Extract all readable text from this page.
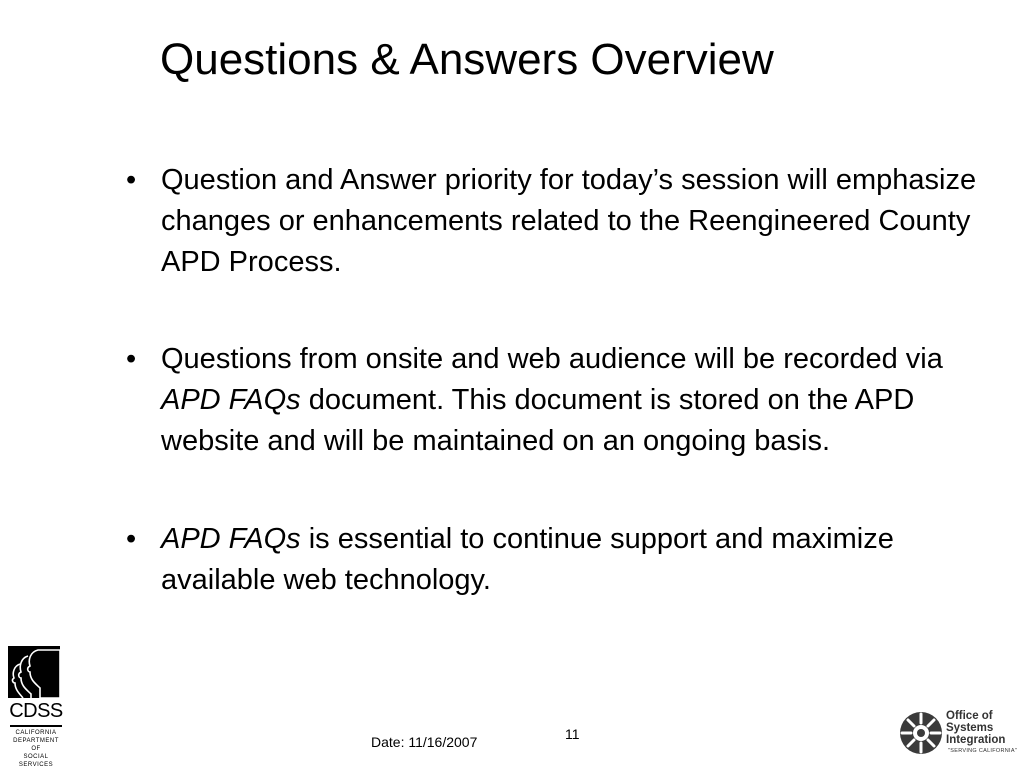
Questions & Answers Overview
•
Question and Answer priority for today’s session will emphasize changes or enhancements related to the Reengineered County APD Process.
•
Questions from onsite and web audience will be recorded via APD FAQs document. This document is stored on the APD website and will be maintained on an ongoing basis.
•
APD FAQs is essential to continue support and maximize available web technology.
CDSS
CALIFORNIA
DEPARTMENT OF
SOCIAL SERVICES
Date: 11/16/2007	11
Office of
Systems
Integration
"SERVING CALIFORNIA"
